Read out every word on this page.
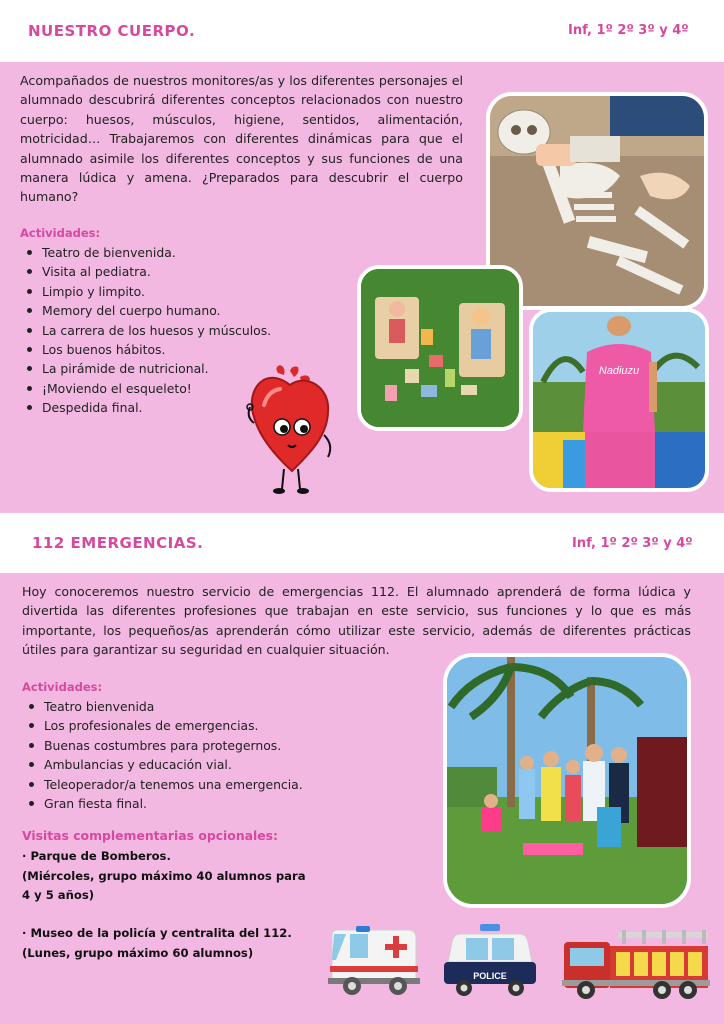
NUESTRO CUERPO.	Inf, 1º 2º 3º y 4º

Acompañados de nuestros monitores/as y los diferentes personajes el alumnado descubrirá diferentes conceptos relacionados con nuestro cuerpo: huesos, músculos, higiene, sentidos, alimentación, motricidad… Trabajaremos con diferentes dinámicas para que el alumnado asimile los diferentes conceptos y sus funciones de una manera lúdica y amena. ¿Preparados para descubrir el cuerpo humano?

Actividades:
Teatro de bienvenida.
Visita al pediatra.
Limpio y limpito.
Memory del cuerpo humano.
La carrera de los huesos y músculos.
Los buenos hábitos.
La pirámide de nutricional.
¡Moviendo el esqueleto!
Despedida final.
Nadiuzu
112 EMERGENCIAS.	Inf, 1º 2º 3º y 4º

Hoy conoceremos nuestro servicio de emergencias 112. El alumnado aprenderá de forma lúdica y divertida las diferentes profesiones que trabajan en este servicio, sus funciones y lo que es más importante, los pequeños/as aprenderán cómo utilizar este servicio, además de diferentes prácticas útiles para garantizar su seguridad en cualquier situación.

Actividades:
Teatro bienvenida
Los profesionales de emergencias.
Buenas costumbres para protegernos.
Ambulancias y educación vial.
Teleoperador/a tenemos una emergencia.
Gran fiesta final.
Visitas complementarias opcionales:

· Parque de Bomberos.
(Miércoles, grupo máximo 40 alumnos para
4 y 5 años)

· Museo de la policía y centralita del 112.
(Lunes, grupo máximo 60 alumnos)

POLICE
